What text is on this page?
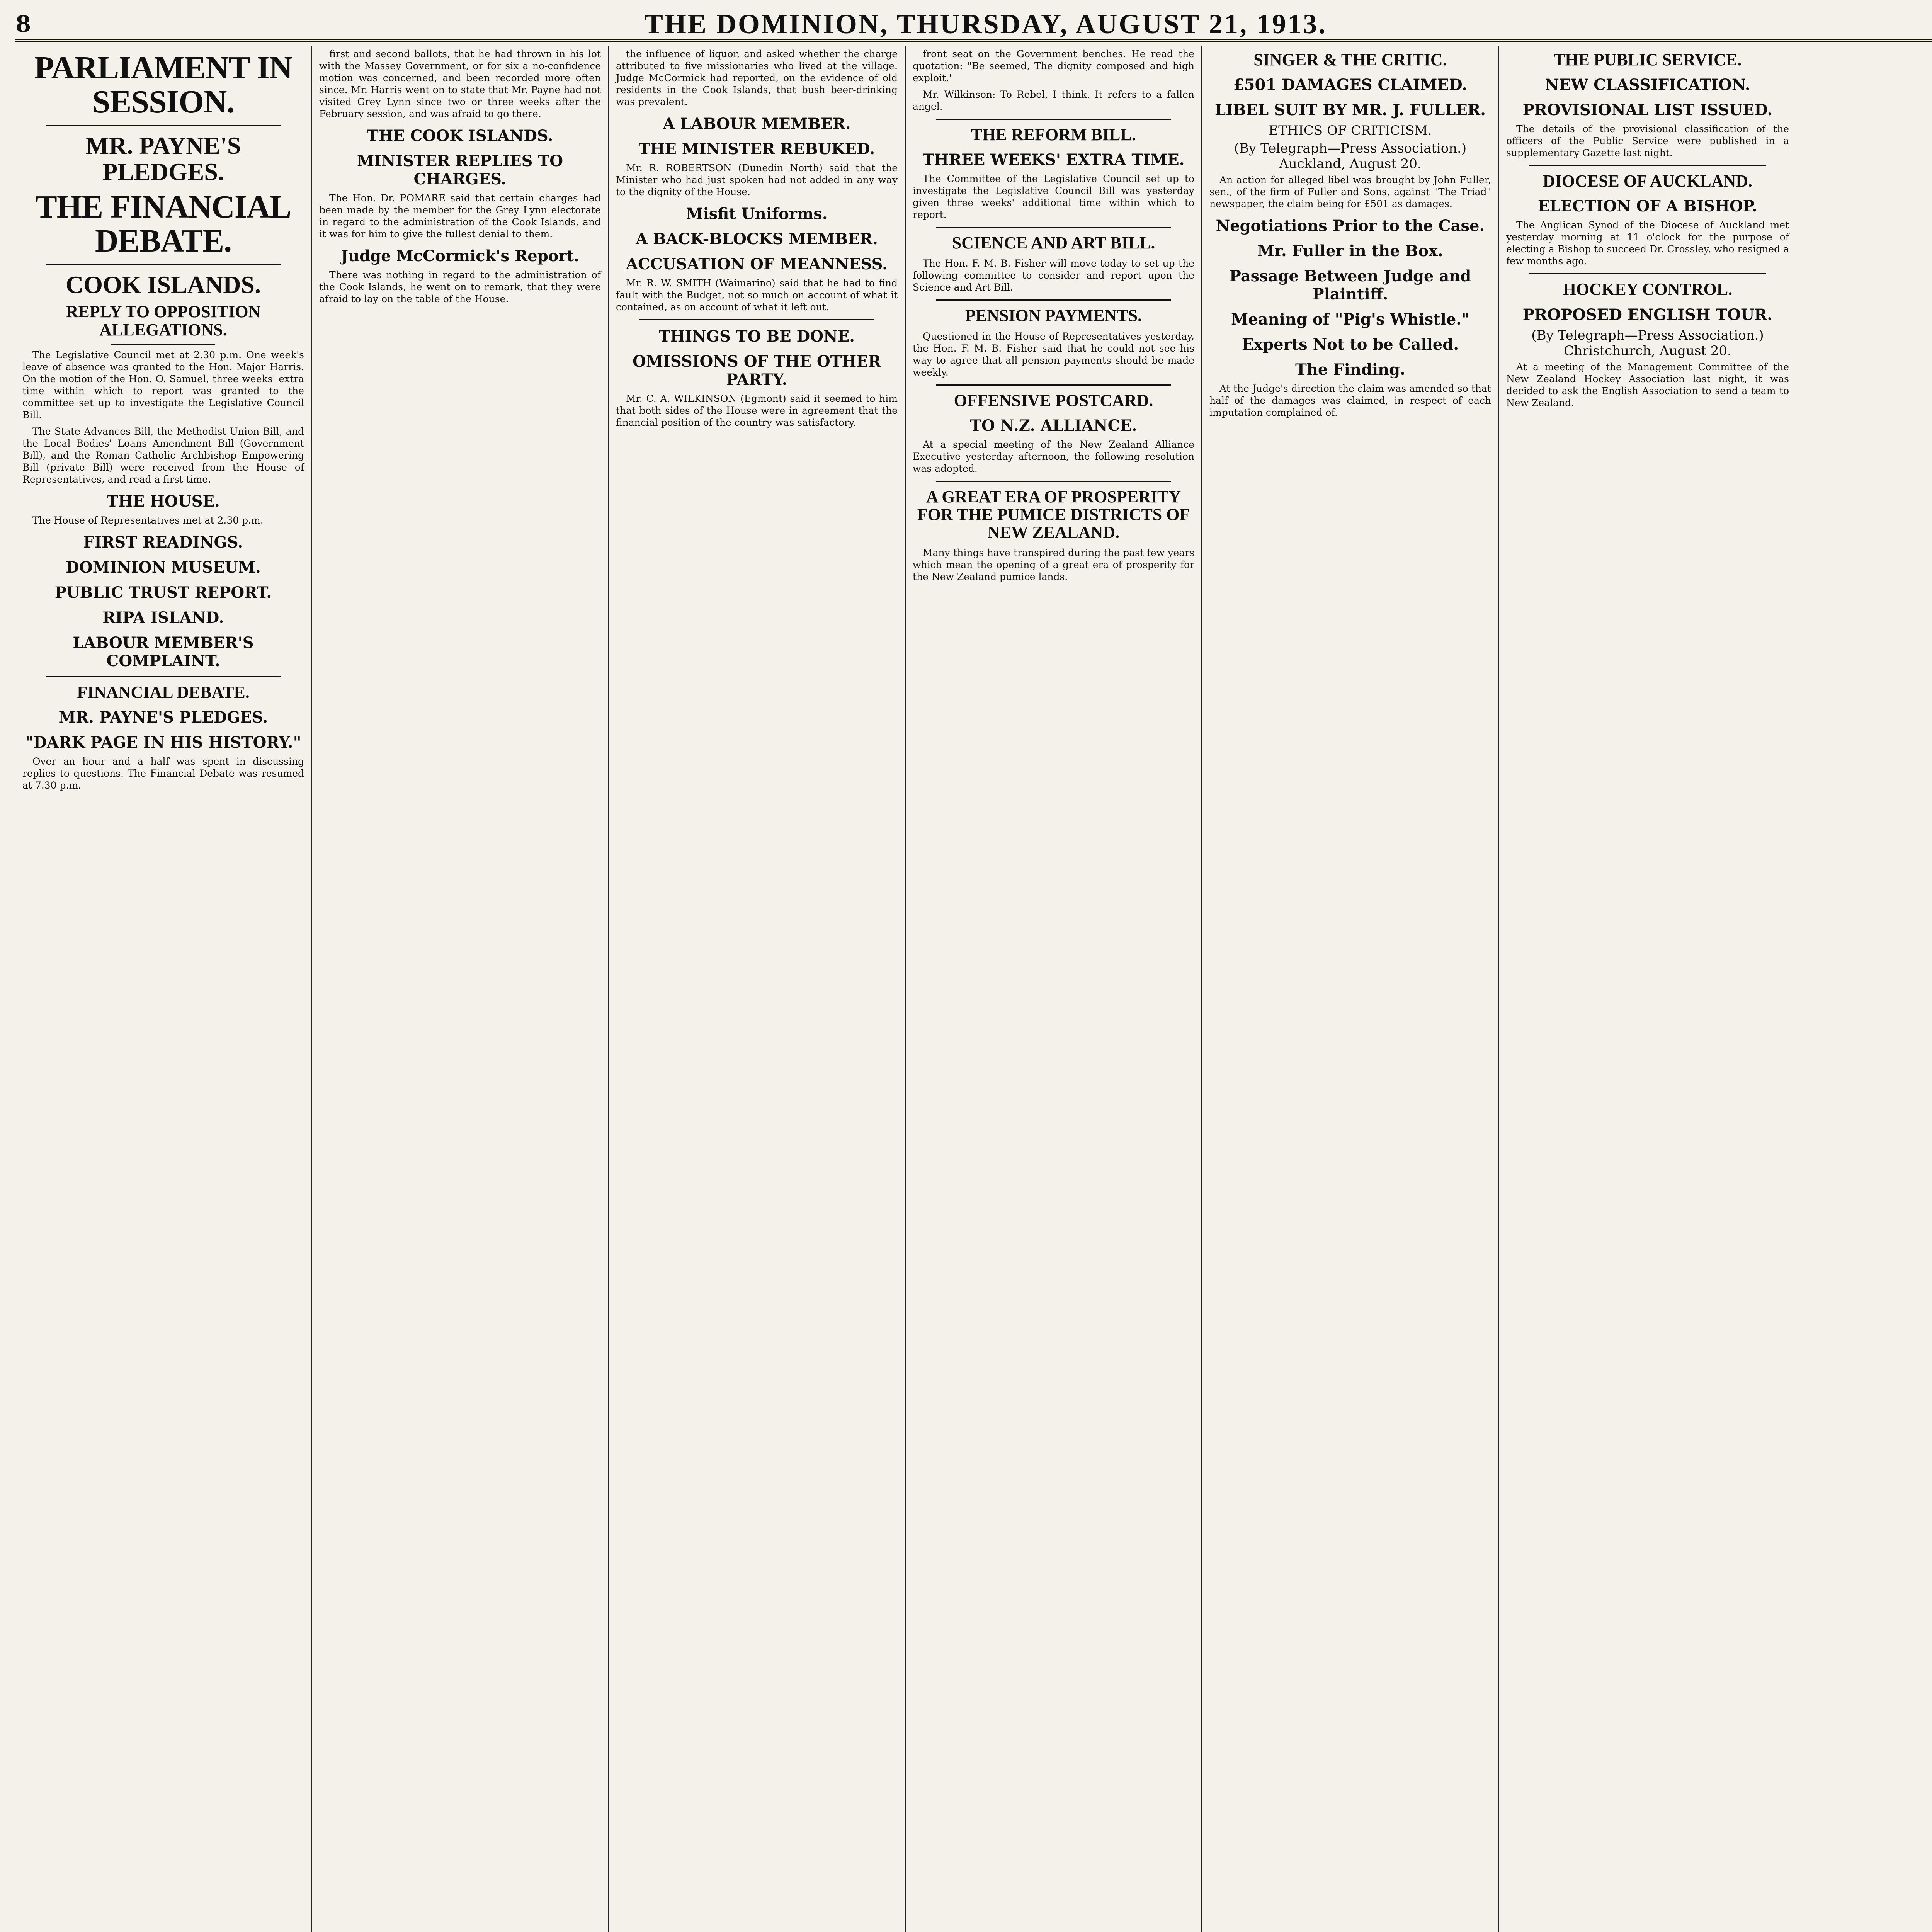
8	THE DOMINION, THURSDAY, AUGUST 21, 1913.
PARLIAMENT IN SESSION.
MR. PAYNE'S PLEDGES.
THE FINANCIAL DEBATE.
COOK ISLANDS.
REPLY TO OPPOSITION ALLEGATIONS.

The Legislative Council met at 2.30 p.m. One week's leave of absence was granted to the Hon. Major Harris. On the motion of the Hon. O. Samuel, three weeks' extra time within which to report was granted to the committee set up to investigate the Legislative Council Bill.

The State Advances Bill, the Methodist Union Bill, and the Local Bodies' Loans Amendment Bill (Government Bill), and the Roman Catholic Archbishop Empowering Bill (private Bill) were received from the House of Representatives, and read a first time.

THE HOUSE.

The House of Representatives met at 2.30 p.m.

FIRST READINGS.
DOMINION MUSEUM.
PUBLIC TRUST REPORT.
RIPA ISLAND.
LABOUR MEMBER'S COMPLAINT.
FINANCIAL DEBATE.
MR. PAYNE'S PLEDGES.
"DARK PAGE IN HIS HISTORY."

Over an hour and a half was spent in discussing replies to questions. The Financial Debate was resumed at 7.30 p.m.

first and second ballots, that he had thrown in his lot with the Massey Government, or for six a no-confidence motion was concerned, and been recorded more often since. Mr. Harris went on to state that Mr. Payne had not visited Grey Lynn since two or three weeks after the February session, and was afraid to go there.

THE COOK ISLANDS.
MINISTER REPLIES TO CHARGES.

The Hon. Dr. POMARE said that certain charges had been made by the member for the Grey Lynn electorate in regard to the administration of the Cook Islands, and it was for him to give the fullest denial to them.

Judge McCormick's Report.

There was nothing in regard to the administration of the Cook Islands, he went on to remark, that they were afraid to lay on the table of the House.

the influence of liquor, and asked whether the charge attributed to five missionaries who lived at the village. Judge McCormick had reported, on the evidence of old residents in the Cook Islands, that bush beer-drinking was prevalent.

A LABOUR MEMBER.
THE MINISTER REBUKED.

Mr. R. ROBERTSON (Dunedin North) said that the Minister who had just spoken had not added in any way to the dignity of the House.

Misfit Uniforms.
A BACK-BLOCKS MEMBER.
ACCUSATION OF MEANNESS.

Mr. R. W. SMITH (Waimarino) said that he had to find fault with the Budget, not so much on account of what it contained, as on account of what it left out.

THINGS TO BE DONE.
OMISSIONS OF THE OTHER PARTY.

Mr. C. A. WILKINSON (Egmont) said it seemed to him that both sides of the House were in agreement that the financial position of the country was satisfactory.

front seat on the Government benches. He read the quotation: "Be seemed, The dignity composed and high exploit."

Mr. Wilkinson: To Rebel, I think. It refers to a fallen angel.

THE REFORM BILL.
THREE WEEKS' EXTRA TIME.

The Committee of the Legislative Council set up to investigate the Legislative Council Bill was yesterday given three weeks' additional time within which to report.

SCIENCE AND ART BILL.

The Hon. F. M. B. Fisher will move today to set up the following committee to consider and report upon the Science and Art Bill.

PENSION PAYMENTS.

Questioned in the House of Representatives yesterday, the Hon. F. M. B. Fisher said that he could not see his way to agree that all pension payments should be made weekly.

OFFENSIVE POSTCARD.
TO N.Z. ALLIANCE.

At a special meeting of the New Zealand Alliance Executive yesterday afternoon, the following resolution was adopted.

A GREAT ERA OF PROSPERITY FOR THE PUMICE DISTRICTS OF NEW ZEALAND.

Many things have transpired during the past few years which mean the opening of a great era of prosperity for the New Zealand pumice lands.

SINGER & THE CRITIC.
£501 DAMAGES CLAIMED.
LIBEL SUIT BY MR. J. FULLER.
ETHICS OF CRITICISM.
(By Telegraph—Press Association.) Auckland, August 20.

An action for alleged libel was brought by John Fuller, sen., of the firm of Fuller and Sons, against "The Triad" newspaper, the claim being for £501 as damages.

Negotiations Prior to the Case.
Mr. Fuller in the Box.
Passage Between Judge and Plaintiff.
Meaning of "Pig's Whistle."
Experts Not to be Called.
The Finding.

At the Judge's direction the claim was amended so that half of the damages was claimed, in respect of each imputation complained of.

THE PUBLIC SERVICE.
NEW CLASSIFICATION.
PROVISIONAL LIST ISSUED.

The details of the provisional classification of the officers of the Public Service were published in a supplementary Gazette last night.

DIOCESE OF AUCKLAND.
ELECTION OF A BISHOP.

The Anglican Synod of the Diocese of Auckland met yesterday morning at 11 o'clock for the purpose of electing a Bishop to succeed Dr. Crossley, who resigned a few months ago.

HOCKEY CONTROL.
PROPOSED ENGLISH TOUR.
(By Telegraph—Press Association.) Christchurch, August 20.

At a meeting of the Management Committee of the New Zealand Hockey Association last night, it was decided to ask the English Association to send a team to New Zealand.
